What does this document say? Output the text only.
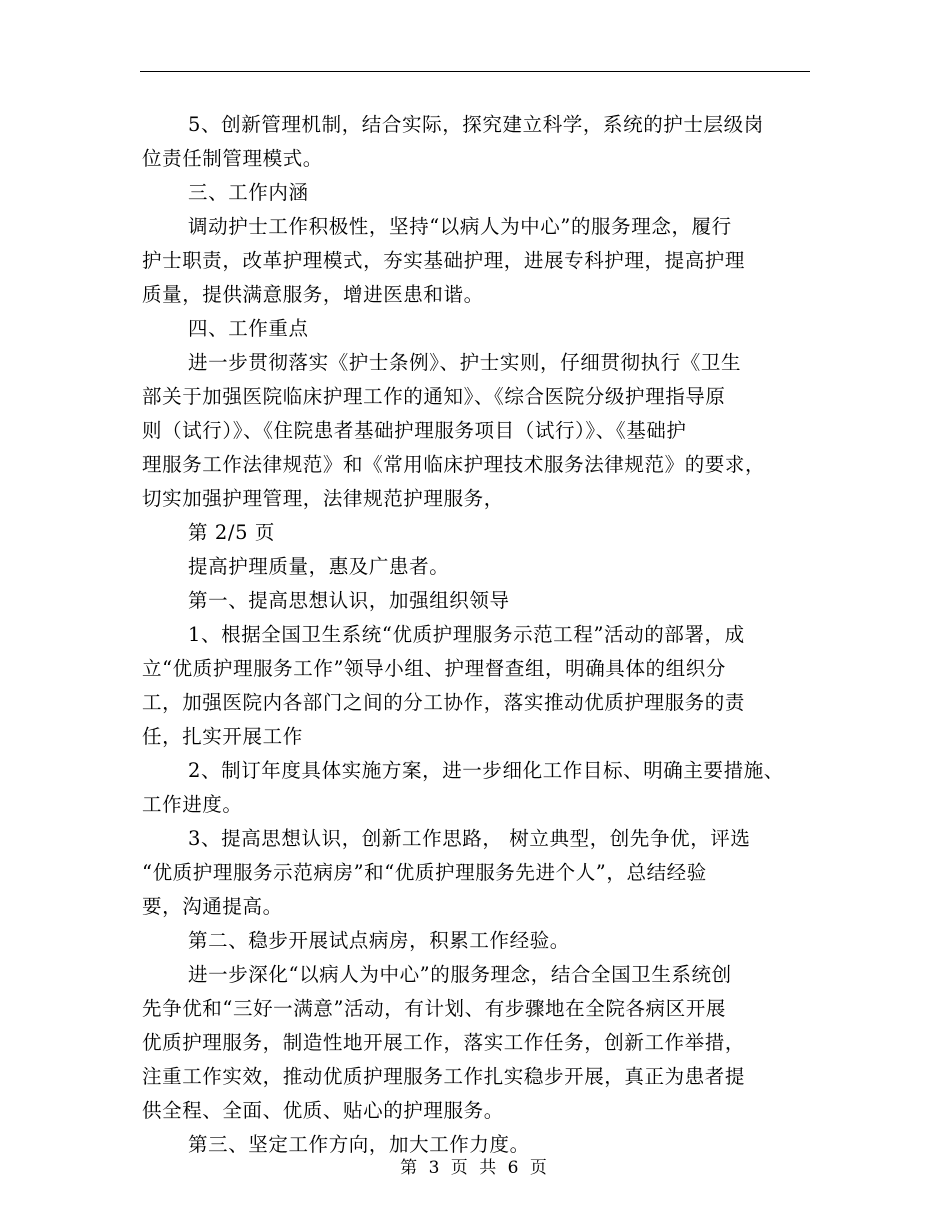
5、创新管理机制，结合实际，探究建立科学，系统的护士层级岗
位责任制管理模式。
三、工作内涵
调动护士工作积极性，坚持“以病人为中心”的服务理念，履行
护士职责，改革护理模式，夯实基础护理，进展专科护理，提高护理
质量，提供满意服务，增进医患和谐。
四、工作重点
进一步贯彻落实《护士条例》、护士实则，仔细贯彻执行《卫生
部关于加强医院临床护理工作的通知》、《综合医院分级护理指导原
则（试行）》、《住院患者基础护理服务项目（试行）》、《基础护
理服务工作法律规范》和《常用临床护理技术服务法律规范》的要求，
切实加强护理管理，法律规范护理服务，
第 2/5 页
提高护理质量，惠及广患者。
第一、提高思想认识，加强组织领导
1、根据全国卫生系统“优质护理服务示范工程”活动的部署，成
立“优质护理服务工作”领导小组、护理督查组，明确具体的组织分
工，加强医院内各部门之间的分工协作，落实推动优质护理服务的责
任，扎实开展工作
2、制订年度具体实施方案，进一步细化工作目标、明确主要措施、
工作进度。
3、提高思想认识，创新工作思路， 树立典型，创先争优，评选
“优质护理服务示范病房”和“优质护理服务先进个人”，总结经验
要，沟通提高。
第二、稳步开展试点病房，积累工作经验。
进一步深化“以病人为中心”的服务理念，结合全国卫生系统创
先争优和“三好一满意”活动，有计划、有步骤地在全院各病区开展
优质护理服务，制造性地开展工作，落实工作任务，创新工作举措，
注重工作实效，推动优质护理服务工作扎实稳步开展，真正为患者提
供全程、全面、优质、贴心的护理服务。
第三、坚定工作方向，加大工作力度。
第 3 页 共 6 页
